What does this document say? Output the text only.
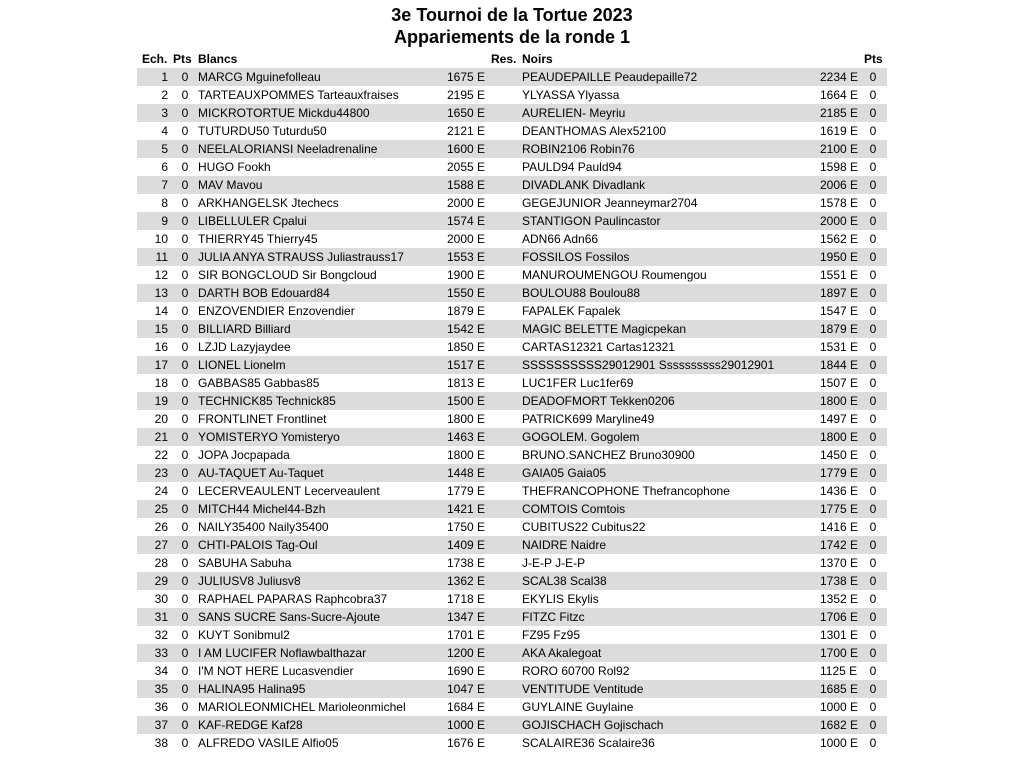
3e Tournoi de la Tortue 2023
Appariements de la ronde 1
Ech. Pts Blancs	Res. Noirs	Pts
1 0 MARCG Mguinefolleau	1675 E	PEAUDEPAILLE Peaudepaille72	2234 E 0
2 0 TARTEAUXPOMMES Tarteauxfraises	2195 E	YLYASSA Ylyassa	1664 E 0
3 0 MICKROTORTUE Mickdu44800	1650 E	AURELIEN- Meyriu	2185 E 0
4 0 TUTURDU50 Tuturdu50	2121 E	DEANTHOMAS Alex52100	1619 E 0
5 0 NEELALORIANSI Neeladrenaline	1600 E	ROBIN2106 Robin76	2100 E 0
6 0 HUGO Fookh	2055 E	PAULD94 Pauld94	1598 E 0
7 0 MAV Mavou	1588 E	DIVADLANK Divadlank	2006 E 0
8 0 ARKHANGELSK Jtechecs	2000 E	GEGEJUNIOR Jeanneymar2704	1578 E 0
9 0 LIBELLULER Cpalui	1574 E	STANTIGON Paulincastor	2000 E 0
10 0 THIERRY45 Thierry45	2000 E	ADN66 Adn66	1562 E 0
11 0 JULIA ANYA STRAUSS Juliastrauss17	1553 E	FOSSILOS Fossilos	1950 E 0
12 0 SIR BONGCLOUD Sir Bongcloud	1900 E	MANUROUMENGOU Roumengou	1551 E 0
13 0 DARTH BOB Edouard84	1550 E	BOULOU88 Boulou88	1897 E 0
14 0 ENZOVENDIER Enzovendier	1879 E	FAPALEK Fapalek	1547 E 0
15 0 BILLIARD Billiard	1542 E	MAGIC BELETTE Magicpekan	1879 E 0
16 0 LZJD Lazyjaydee	1850 E	CARTAS12321 Cartas12321	1531 E 0
17 0 LIONEL Lionelm	1517 E	SSSSSSSSSS29012901 Ssssssssss29012901	1844 E 0
18 0 GABBAS85 Gabbas85	1813 E	LUC1FER Luc1fer69	1507 E 0
19 0 TECHNICK85 Technick85	1500 E	DEADOFMORT Tekken0206	1800 E 0
20 0 FRONTLINET Frontlinet	1800 E	PATRICK699 Maryline49	1497 E 0
21 0 YOMISTERYO Yomisteryo	1463 E	GOGOLEM. Gogolem	1800 E 0
22 0 JOPA Jocpapada	1800 E	BRUNO.SANCHEZ Bruno30900	1450 E 0
23 0 AU-TAQUET Au-Taquet	1448 E	GAIA05 Gaia05	1779 E 0
24 0 LECERVEAULENT Lecerveaulent	1779 E	THEFRANCOPHONE Thefrancophone	1436 E 0
25 0 MITCH44 Michel44-Bzh	1421 E	COMTOIS Comtois	1775 E 0
26 0 NAILY35400 Naily35400	1750 E	CUBITUS22 Cubitus22	1416 E 0
27 0 CHTI-PALOIS Tag-Oul	1409 E	NAIDRE Naidre	1742 E 0
28 0 SABUHA Sabuha	1738 E	J-E-P J-E-P	1370 E 0
29 0 JULIUSV8 Juliusv8	1362 E	SCAL38 Scal38	1738 E 0
30 0 RAPHAEL PAPARAS Raphcobra37	1718 E	EKYLIS Ekylis	1352 E 0
31 0 SANS SUCRE Sans-Sucre-Ajoute	1347 E	FITZC Fitzc	1706 E 0
32 0 KUYT Sonibmul2	1701 E	FZ95 Fz95	1301 E 0
33 0 I AM LUCIFER Noflawbalthazar	1200 E	AKA Akalegoat	1700 E 0
34 0 I'M NOT HERE Lucasvendier	1690 E	RORO 60700 Rol92	1125 E 0
35 0 HALINA95 Halina95	1047 E	VENTITUDE Ventitude	1685 E 0
36 0 MARIOLEONMICHEL Marioleonmichel	1684 E	GUYLAINE Guylaine	1000 E 0
37 0 KAF-REDGE Kaf28	1000 E	GOJISCHACH Gojischach	1682 E 0
38 0 ALFREDO VASILE Alfio05	1676 E	SCALAIRE36 Scalaire36	1000 E 0
